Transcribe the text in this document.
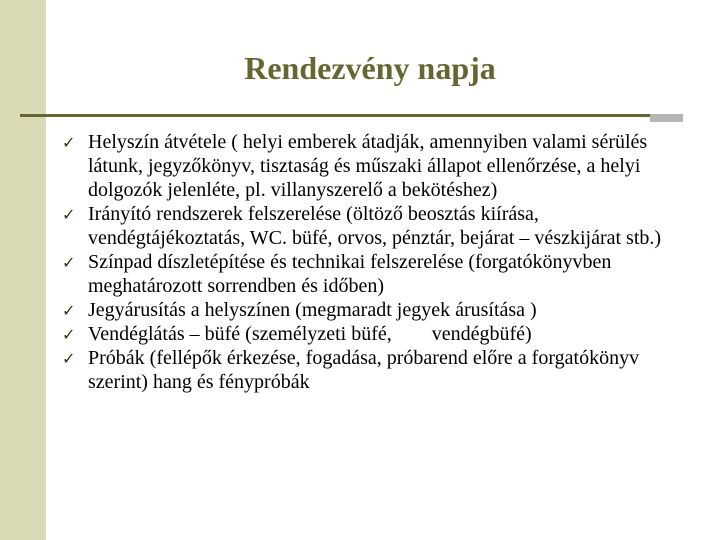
Rendezvény napja
✓ Helyszín átvétele ( helyi emberek átadják, amennyiben valami sérülés látunk, jegyzőkönyv, tisztaság és műszaki állapot ellenőrzése, a helyi dolgozók jelenléte, pl. villanyszerelő a bekötéshez)
✓ Irányító rendszerek felszerelése (öltöző beosztás kiírása, vendégtájékoztatás, WC. büfé, orvos, pénztár, bejárat – vészkijárat stb.)
✓ Színpad díszletépítése és technikai felszerelése (forgatókönyvben meghatározott sorrendben és időben)
✓ Jegyárusítás a helyszínen (megmaradt jegyek árusítása )
✓ Vendéglátás – büfé (személyzeti büfé,        vendégbüfé)
✓ Próbák (fellépők érkezése, fogadása, próbarend előre a forgatókönyv szerint) hang és fénypróbák
